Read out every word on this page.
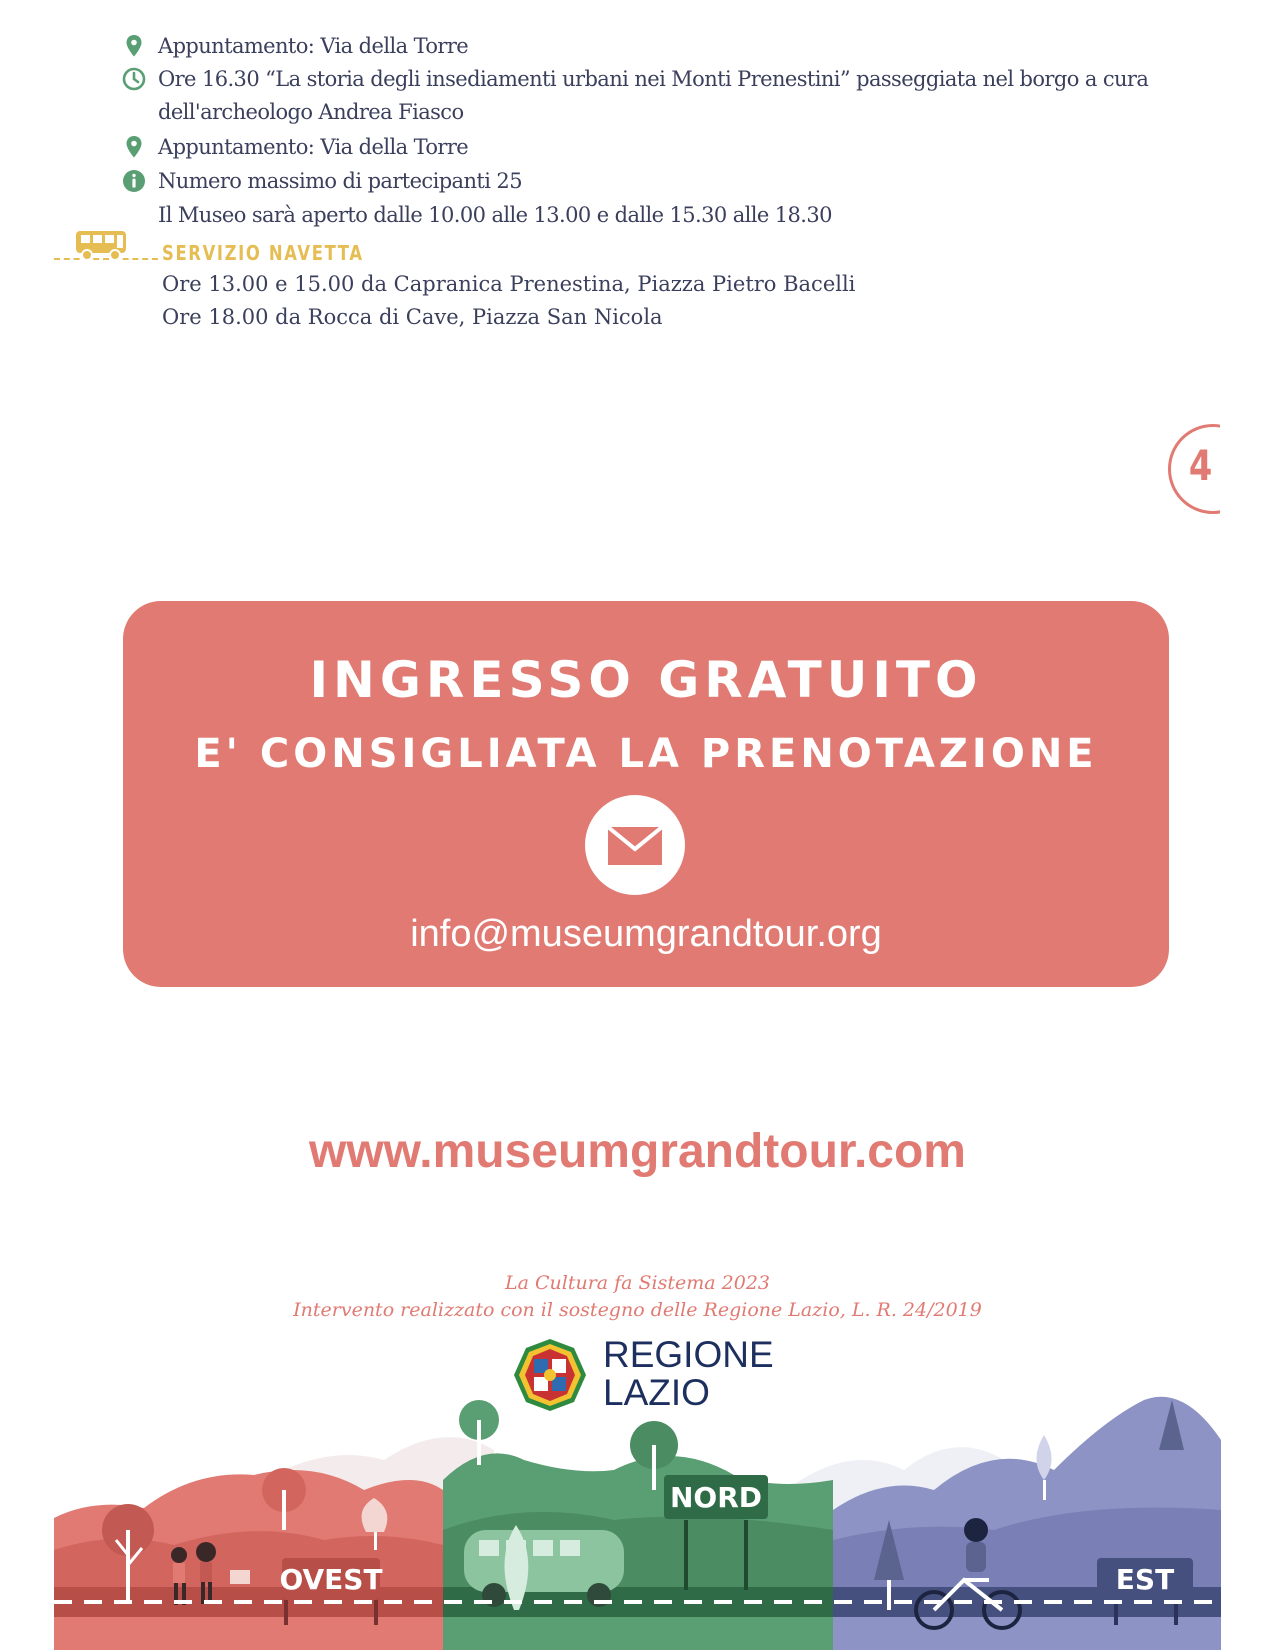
Appuntamento: Via della Torre
Ore 16.30 “La storia degli insediamenti urbani nei Monti Prenestini” passeggiata nel borgo a cura
dell'archeologo Andrea Fiasco
Appuntamento: Via della Torre
Numero massimo di partecipanti 25
Il Museo sarà aperto dalle 10.00 alle 13.00 e dalle 15.30 alle 18.30
SERVIZIO NAVETTA
Ore 13.00 e 15.00 da Capranica Prenestina, Piazza Pietro Bacelli
Ore 18.00 da Rocca di Cave, Piazza San Nicola
4
INGRESSO GRATUITO
E' CONSIGLIATA LA PRENOTAZIONE
info@museumgrandtour.org
www.museumgrandtour.com
La Cultura fa Sistema 2023
Intervento realizzato con il sostegno delle Regione Lazio, L. R. 24/2019
REGIONE
LAZIO
OVEST
NORD
EST
